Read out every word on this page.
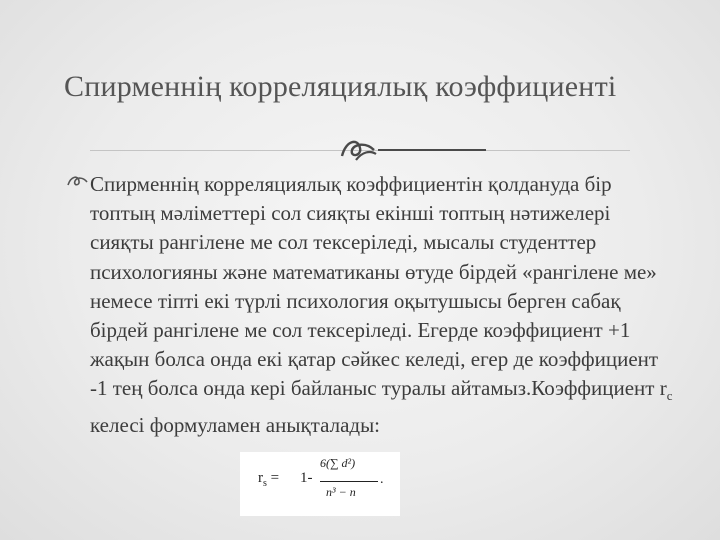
Спирменнің корреляциялық коэффициенті
Спирменнің корреляциялық коэффициентін қолдануда бір топтың мәліметтері сол сияқты екінші топтың нәтижелері сияқты рангілене ме сол тексеріледі, мысалы студенттер психологияны және математиканы өтуде бірдей «рангілене ме» немесе тіпті екі түрлі психология оқытушысы берген сабақ бірдей рангілене ме сол тексеріледі. Егерде коэффициент +1 жақын болса онда екі қатар сәйкес келеді, егер де коэффициент -1 тең болса онда кері байланыс туралы айтамыз.Коэффициент $r_с$ келесі формуламен анықталады:
$r_s = 1-$
6(∑ d²)
n³ − n
.
